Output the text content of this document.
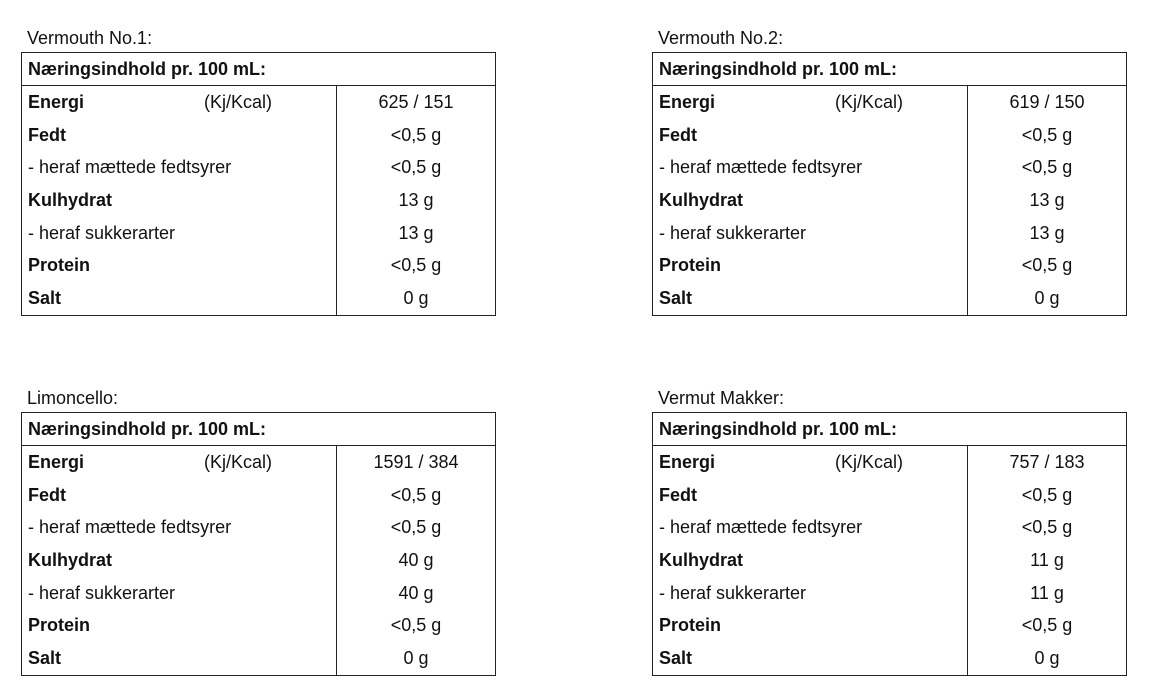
Vermouth No.1:
Næringsindhold pr. 100 mL:
Energi	(Kj/Kcal)	625 / 151
Fedt	<0,5 g
- heraf mættede fedtsyrer	<0,5 g
Kulhydrat	13 g
- heraf sukkerarter	13 g
Protein	<0,5 g
Salt	0 g
Vermouth No.2:
Næringsindhold pr. 100 mL:
Energi	(Kj/Kcal)	619 / 150
Fedt	<0,5 g
- heraf mættede fedtsyrer	<0,5 g
Kulhydrat	13 g
- heraf sukkerarter	13 g
Protein	<0,5 g
Salt	0 g
Limoncello:
Næringsindhold pr. 100 mL:
Energi	(Kj/Kcal)	1591 / 384
Fedt	<0,5 g
- heraf mættede fedtsyrer	<0,5 g
Kulhydrat	40 g
- heraf sukkerarter	40 g
Protein	<0,5 g
Salt	0 g
Vermut Makker:
Næringsindhold pr. 100 mL:
Energi	(Kj/Kcal)	757 / 183
Fedt	<0,5 g
- heraf mættede fedtsyrer	<0,5 g
Kulhydrat	11 g
- heraf sukkerarter	11 g
Protein	<0,5 g
Salt	0 g
